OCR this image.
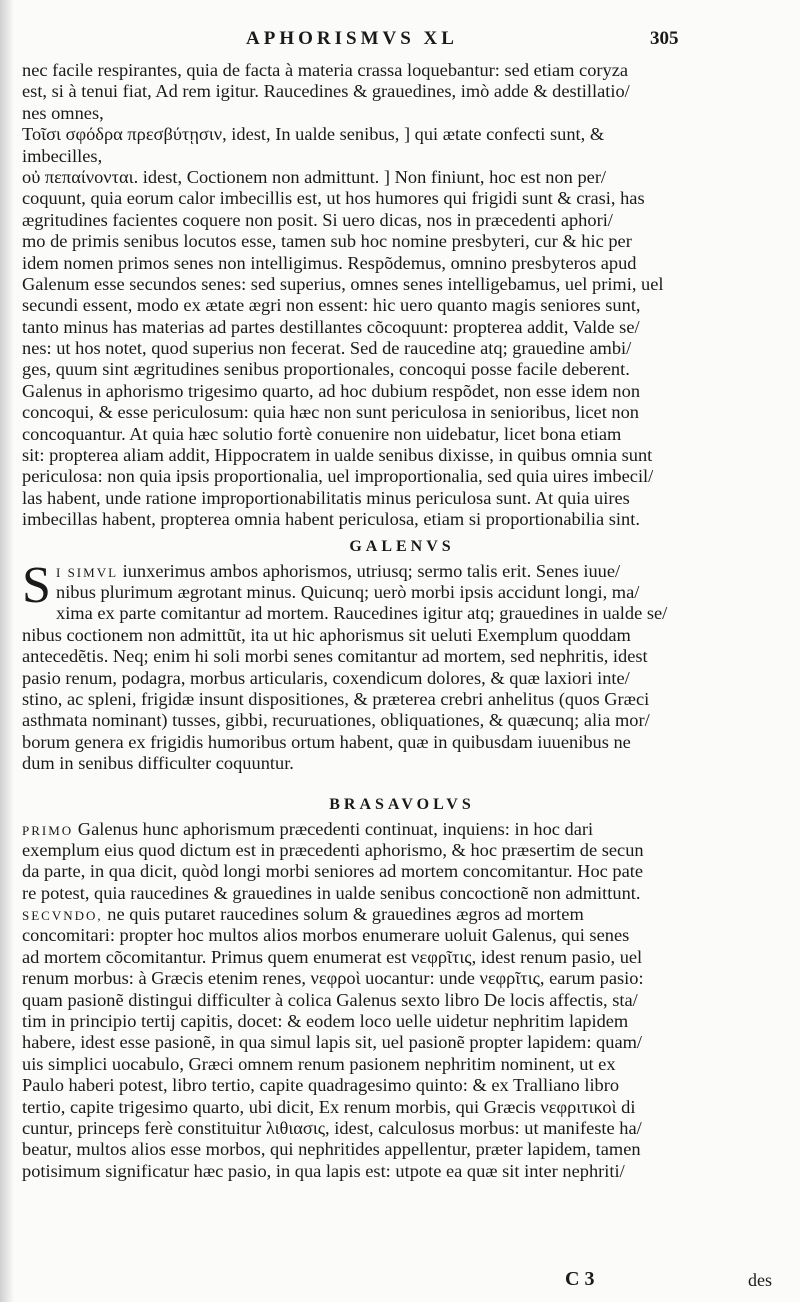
APHORISMVS XL	305

nec facile respirantes, quia de facta à materia crassa loquebantur: sed etiam coryza

est, si à tenui fiat, Ad rem igitur. Raucedines & grauedines, imò adde & destillatio/

nes omnes,

Τοῖσι σφόδρα πρεσβύτῃσιν, idest, In ualde senibus, ] qui ætate confecti sunt, &

imbecilles,

οὐ πεπαίνονται. idest, Coctionem non admittunt. ] Non finiunt, hoc est non per/

coquunt, quia eorum calor imbecillis est, ut hos humores qui frigidi sunt & crasi, has

ægritudines facientes coquere non posit. Si uero dicas, nos in præcedenti aphori/

mo de primis senibus locutos esse, tamen sub hoc nomine presbyteri, cur & hic per

idem nomen primos senes non intelligimus. Respõdemus, omnino presbyteros apud

Galenum esse secundos senes: sed superius, omnes senes intelligebamus, uel primi, uel

secundi essent, modo ex ætate ægri non essent: hic uero quanto magis seniores sunt,

tanto minus has materias ad partes destillantes cõcoquunt: propterea addit, Valde se/

nes: ut hos notet, quod superius non fecerat. Sed de raucedine atq; grauedine ambi/

ges, quum sint ægritudines senibus proportionales, concoqui posse facile deberent.

Galenus in aphorismo trigesimo quarto, ad hoc dubium respõdet, non esse idem non

concoqui, & esse periculosum: quia hæc non sunt periculosa in senioribus, licet non

concoquantur. At quia hæc solutio fortè conuenire non uidebatur, licet bona etiam

sit: propterea aliam addit, Hippocratem in ualde senibus dixisse, in quibus omnia sunt

periculosa: non quia ipsis proportionalia, uel improportionalia, sed quia uires imbecil/

las habent, unde ratione improportionabilitatis minus periculosa sunt. At quia uires

imbecillas habent, propterea omnia habent periculosa, etiam si proportionabilia sint.

GALENVS
S I SIMVL iunxerimus ambos aphorismos, utriusq; sermo talis erit. Senes iuue/

nibus plurimum ægrotant minus. Quicunq; uerò morbi ipsis accidunt longi, ma/

xima ex parte comitantur ad mortem. Raucedines igitur atq; grauedines in ualde se/

nibus coctionem non admittũt, ita ut hic aphorismus sit ueluti Exemplum quoddam

antecedẽtis. Neq; enim hi soli morbi senes comitantur ad mortem, sed nephritis, idest

pasio renum, podagra, morbus articularis, coxendicum dolores, & quæ laxiori inte/

stino, ac spleni, frigidæ insunt dispositiones, & præterea crebri anhelitus (quos Græci

asthmata nominant) tusses, gibbi, recuruationes, obliquationes, & quæcunq; alia mor/

borum genera ex frigidis humoribus ortum habent, quæ in quibusdam iuuenibus ne

dum in senibus difficulter coquuntur.

BRASAVOLVS

PRIMO Galenus hunc aphorismum præcedenti continuat, inquiens: in hoc dari

exemplum eius quod dictum est in præcedenti aphorismo, & hoc præsertim de secun

da parte, in qua dicit, quòd longi morbi seniores ad mortem concomitantur. Hoc pate

re potest, quia raucedines & grauedines in ualde senibus concoctionẽ non admittunt.

SECVNDO, ne quis putaret raucedines solum & grauedines ægros ad mortem

concomitari: propter hoc multos alios morbos enumerare uoluit Galenus, qui senes

ad mortem cõcomitantur. Primus quem enumerat est νεφρῖτις, idest renum pasio, uel

renum morbus: à Græcis etenim renes, νεφροὶ uocantur: unde νεφρῖτις, earum pasio:

quam pasionẽ distingui difficulter à colica Galenus sexto libro De locis affectis, sta/

tim in principio tertij capitis, docet: & eodem loco uelle uidetur nephritim lapidem

habere, idest esse pasionẽ, in qua simul lapis sit, uel pasionẽ propter lapidem: quam/

uis simplici uocabulo, Græci omnem renum pasionem nephritim nominent, ut ex

Paulo haberi potest, libro tertio, capite quadragesimo quinto: & ex Tralliano libro

tertio, capite trigesimo quarto, ubi dicit, Ex renum morbis, qui Græcis νεφριτικοὶ di

cuntur, princeps ferè constituitur λιθιασις, idest, calculosus morbus: ut manifeste ha/

beatur, multos alios esse morbos, qui nephritides appellentur, præter lapidem, tamen

potisimum significatur hæc pasio, in qua lapis est: utpote ea quæ sit inter nephriti/

C 3	des
